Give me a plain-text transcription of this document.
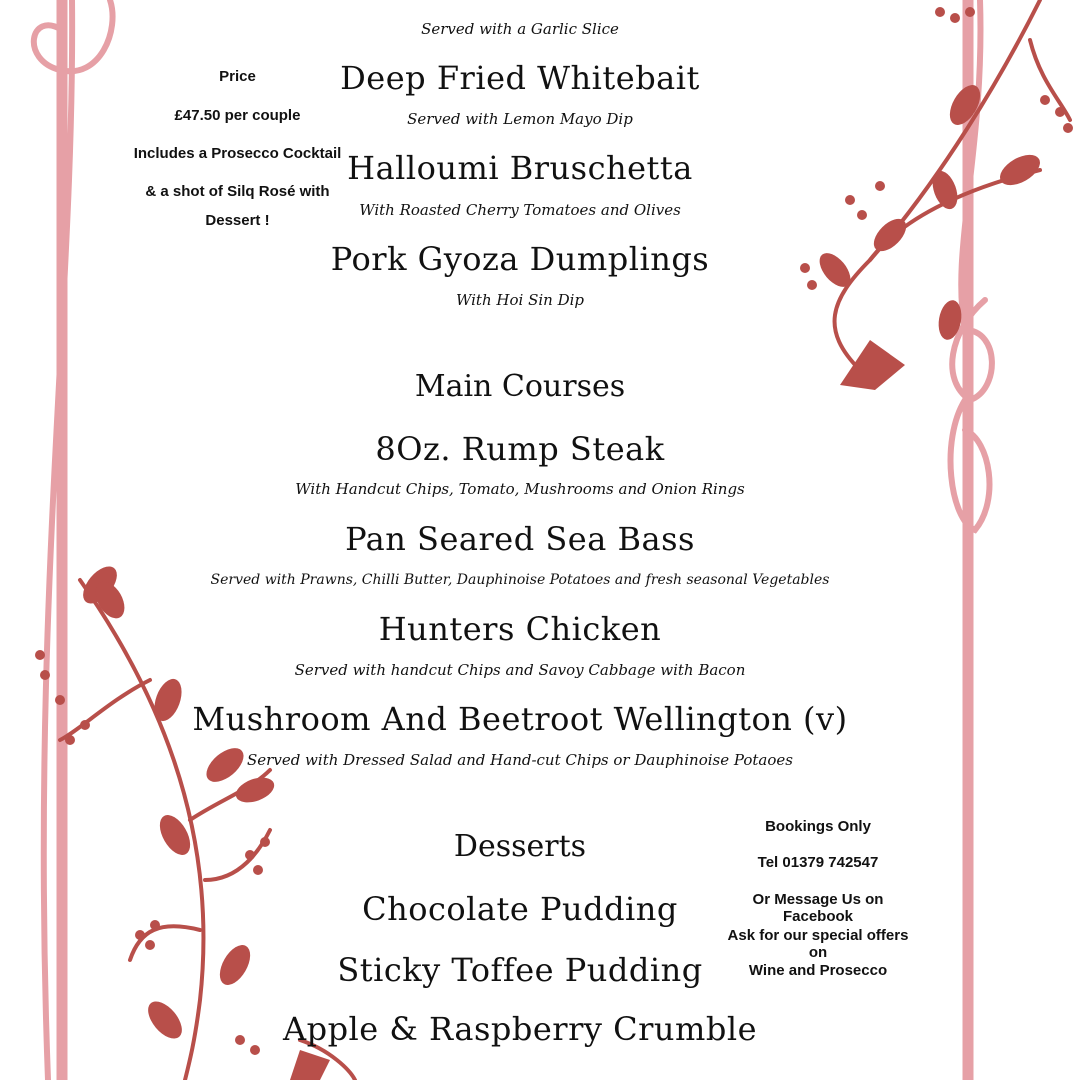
Served with a Garlic Slice
Deep Fried Whitebait
Served with Lemon Mayo Dip
Halloumi Bruschetta
With Roasted Cherry Tomatoes and Olives
Pork Gyoza Dumplings
With Hoi Sin Dip
Main Courses
8Oz. Rump Steak
With Handcut Chips, Tomato, Mushrooms and Onion Rings
Pan Seared Sea Bass
Served with Prawns, Chilli Butter, Dauphinoise Potatoes and fresh seasonal Vegetables
Hunters Chicken
Served with handcut Chips and Savoy Cabbage with Bacon
Mushroom And Beetroot Wellington (v)
Served with Dressed Salad and Hand-cut Chips or Dauphinoise Potaoes
Desserts
Chocolate Pudding
Sticky Toffee Pudding
Apple & Raspberry Crumble
Price
£47.50 per couple
Includes a Prosecco Cocktail
& a shot of Silq Rosé with
Dessert !
Bookings Only
Tel 01379 742547
Or Message Us on Facebook
Ask for our special offers on
Wine and Prosecco
